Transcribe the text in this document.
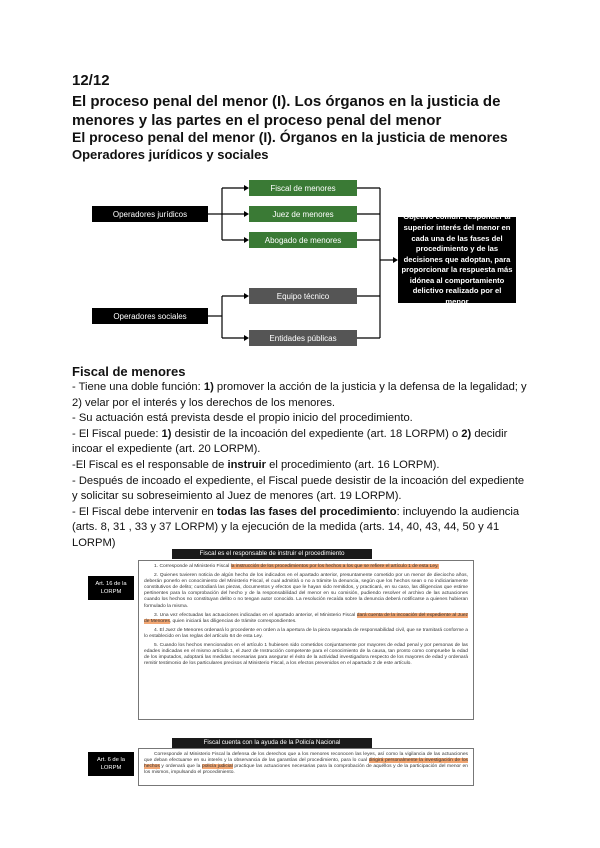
12/12
El proceso penal del menor (I). Los órganos en la justicia de menores y las partes en el proceso penal del menor
El proceso penal del menor (I). Órganos en la justicia de menores
Operadores jurídicos y sociales
Operadores jurídicos
Operadores sociales
Fiscal de menores
Juez de menores
Abogado de menores
Equipo técnico
Entidades públicas
Objetivo común: responder al superior interés del menor en cada una de las fases del procedimiento y de las decisiones que adoptan, para proporcionar la respuesta más idónea al comportamiento delictivo realizado por el menor
Fiscal de menores

- Tiene una doble función: 1) promover la acción de la justicia y la defensa de la legalidad; y 2) velar por el interés y los derechos de los menores.

- Su actuación está prevista desde el propio inicio del procedimiento.

- El Fiscal puede: 1) desistir de la incoación del expediente (art. 18 LORPM) o 2) decidir incoar el expediente (art. 20 LORPM).

-El Fiscal es el responsable de instruir el procedimiento (art. 16 LORPM).

- Después de incoado el expediente, el Fiscal puede desistir de la incoación del expediente y solicitar su sobreseimiento al Juez de menores (art. 19 LORPM).

- El Fiscal debe intervenir en todas las fases del procedimiento: incluyendo la audiencia (arts. 8, 31 , 33 y 37 LORPM) y la ejecución de la medida (arts. 14, 40, 43, 44, 50 y 41 LORPM)

Fiscal es el responsable de instruir el procedimiento
Art. 16 de la LORPM

1. Corresponde al Ministerio Fiscal la instrucción de los procedimientos por los hechos a los que se refiere el artículo 1 de esta Ley.

2. Quienes tuvieren noticia de algún hecho de los indicados en el apartado anterior, presuntamente cometido por un menor de dieciocho años, deberán ponerlo en conocimiento del Ministerio Fiscal, el cual admitirá o no a trámite la denuncia, según que los hechos sean o no indiciariamente constitutivos de delito; custodiará las piezas, documentos y efectos que le hayan sido remitidos, y practicará, en su caso, las diligencias que estime pertinentes para la comprobación del hecho y de la responsabilidad del menor en su comisión, pudiendo resolver el archivo de las actuaciones cuando los hechos no constituyan delito o no tengan autor conocido. La resolución recaída sobre la denuncia deberá notificarse a quienes hubieran formulado la misma.

3. Una vez efectuadas las actuaciones indicadas en el apartado anterior, el Ministerio Fiscal dará cuenta de la incoación del expediente al Juez de Menores, quien iniciará las diligencias de trámite correspondientes.

4. El Juez de Menores ordenará lo procedente en orden a la apertura de la pieza separada de responsabilidad civil, que se tramitará conforme a lo establecido en las reglas del artículo 64 de esta Ley.

5. Cuando los hechos mencionados en el artículo 1 hubiesen sido cometidos conjuntamente por mayores de edad penal y por personas de las edades indicadas en el mismo artículo 1, el Juez de Instrucción competente para el conocimiento de la causa, tan pronto como compruebe la edad de los imputados, adoptará las medidas necesarias para asegurar el éxito de la actividad investigadora respecto de los mayores de edad y ordenará remitir testimonio de los particulares precisos al Ministerio Fiscal, a los efectos prevenidos en el apartado 2 de este artículo.

Fiscal cuenta con la ayuda de la Policía Nacional
Art. 6 de la LORPM

Corresponde al Ministerio Fiscal la defensa de los derechos que a los menores reconocen las leyes, así como la vigilancia de las actuaciones que deban efectuarse en su interés y la observancia de las garantías del procedimiento, para lo cual dirigirá personalmente la investigación de los hechos y ordenará que la policía judicial practique las actuaciones necesarias para la comprobación de aquéllos y de la participación del menor en los mismos, impulsando el procedimiento.
